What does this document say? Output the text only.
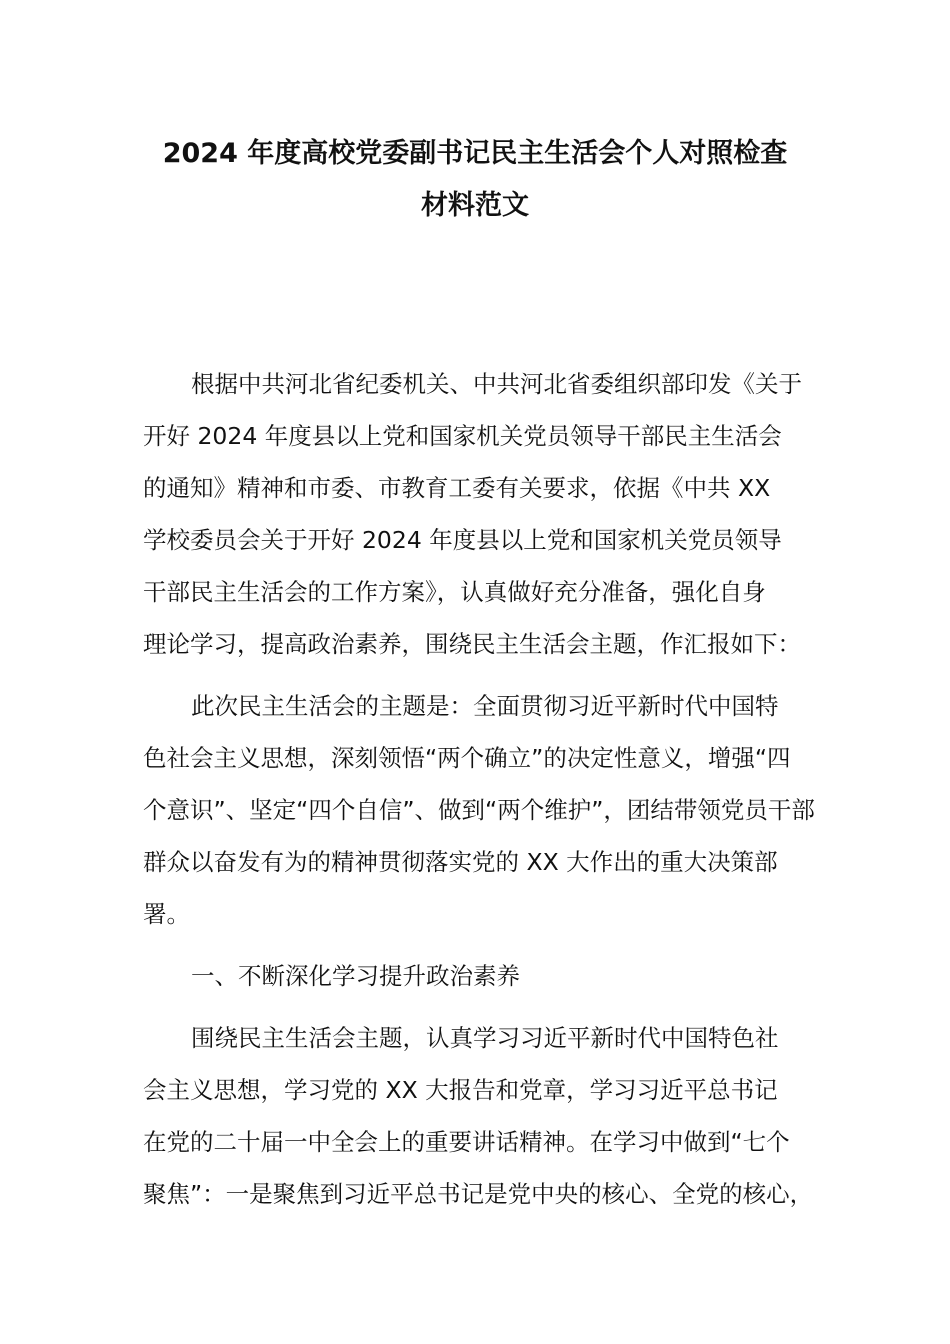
2024 年度高校党委副书记民主生活会个人对照检查
材料范文

根据中共河北省纪委机关、中共河北省委组织部印发《关于
开好 2024 年度县以上党和国家机关党员领导干部民主生活会
的通知》精神和市委、市教育工委有关要求，依据《中共 XX
学校委员会关于开好 2024 年度县以上党和国家机关党员领导
干部民主生活会的工作方案》，认真做好充分准备，强化自身
理论学习，提高政治素养，围绕民主生活会主题，作汇报如下：

此次民主生活会的主题是：全面贯彻习近平新时代中国特
色社会主义思想，深刻领悟“两个确立”的决定性意义，增强“四
个意识”、坚定“四个自信”、做到“两个维护”，团结带领党员干部
群众以奋发有为的精神贯彻落实党的 XX 大作出的重大决策部
署。

一、不断深化学习提升政治素养

围绕民主生活会主题，认真学习习近平新时代中国特色社
会主义思想，学习党的 XX 大报告和党章，学习习近平总书记
在党的二十届一中全会上的重要讲话精神。在学习中做到“七个
聚焦”：一是聚焦到习近平总书记是党中央的核心、全党的核心，
